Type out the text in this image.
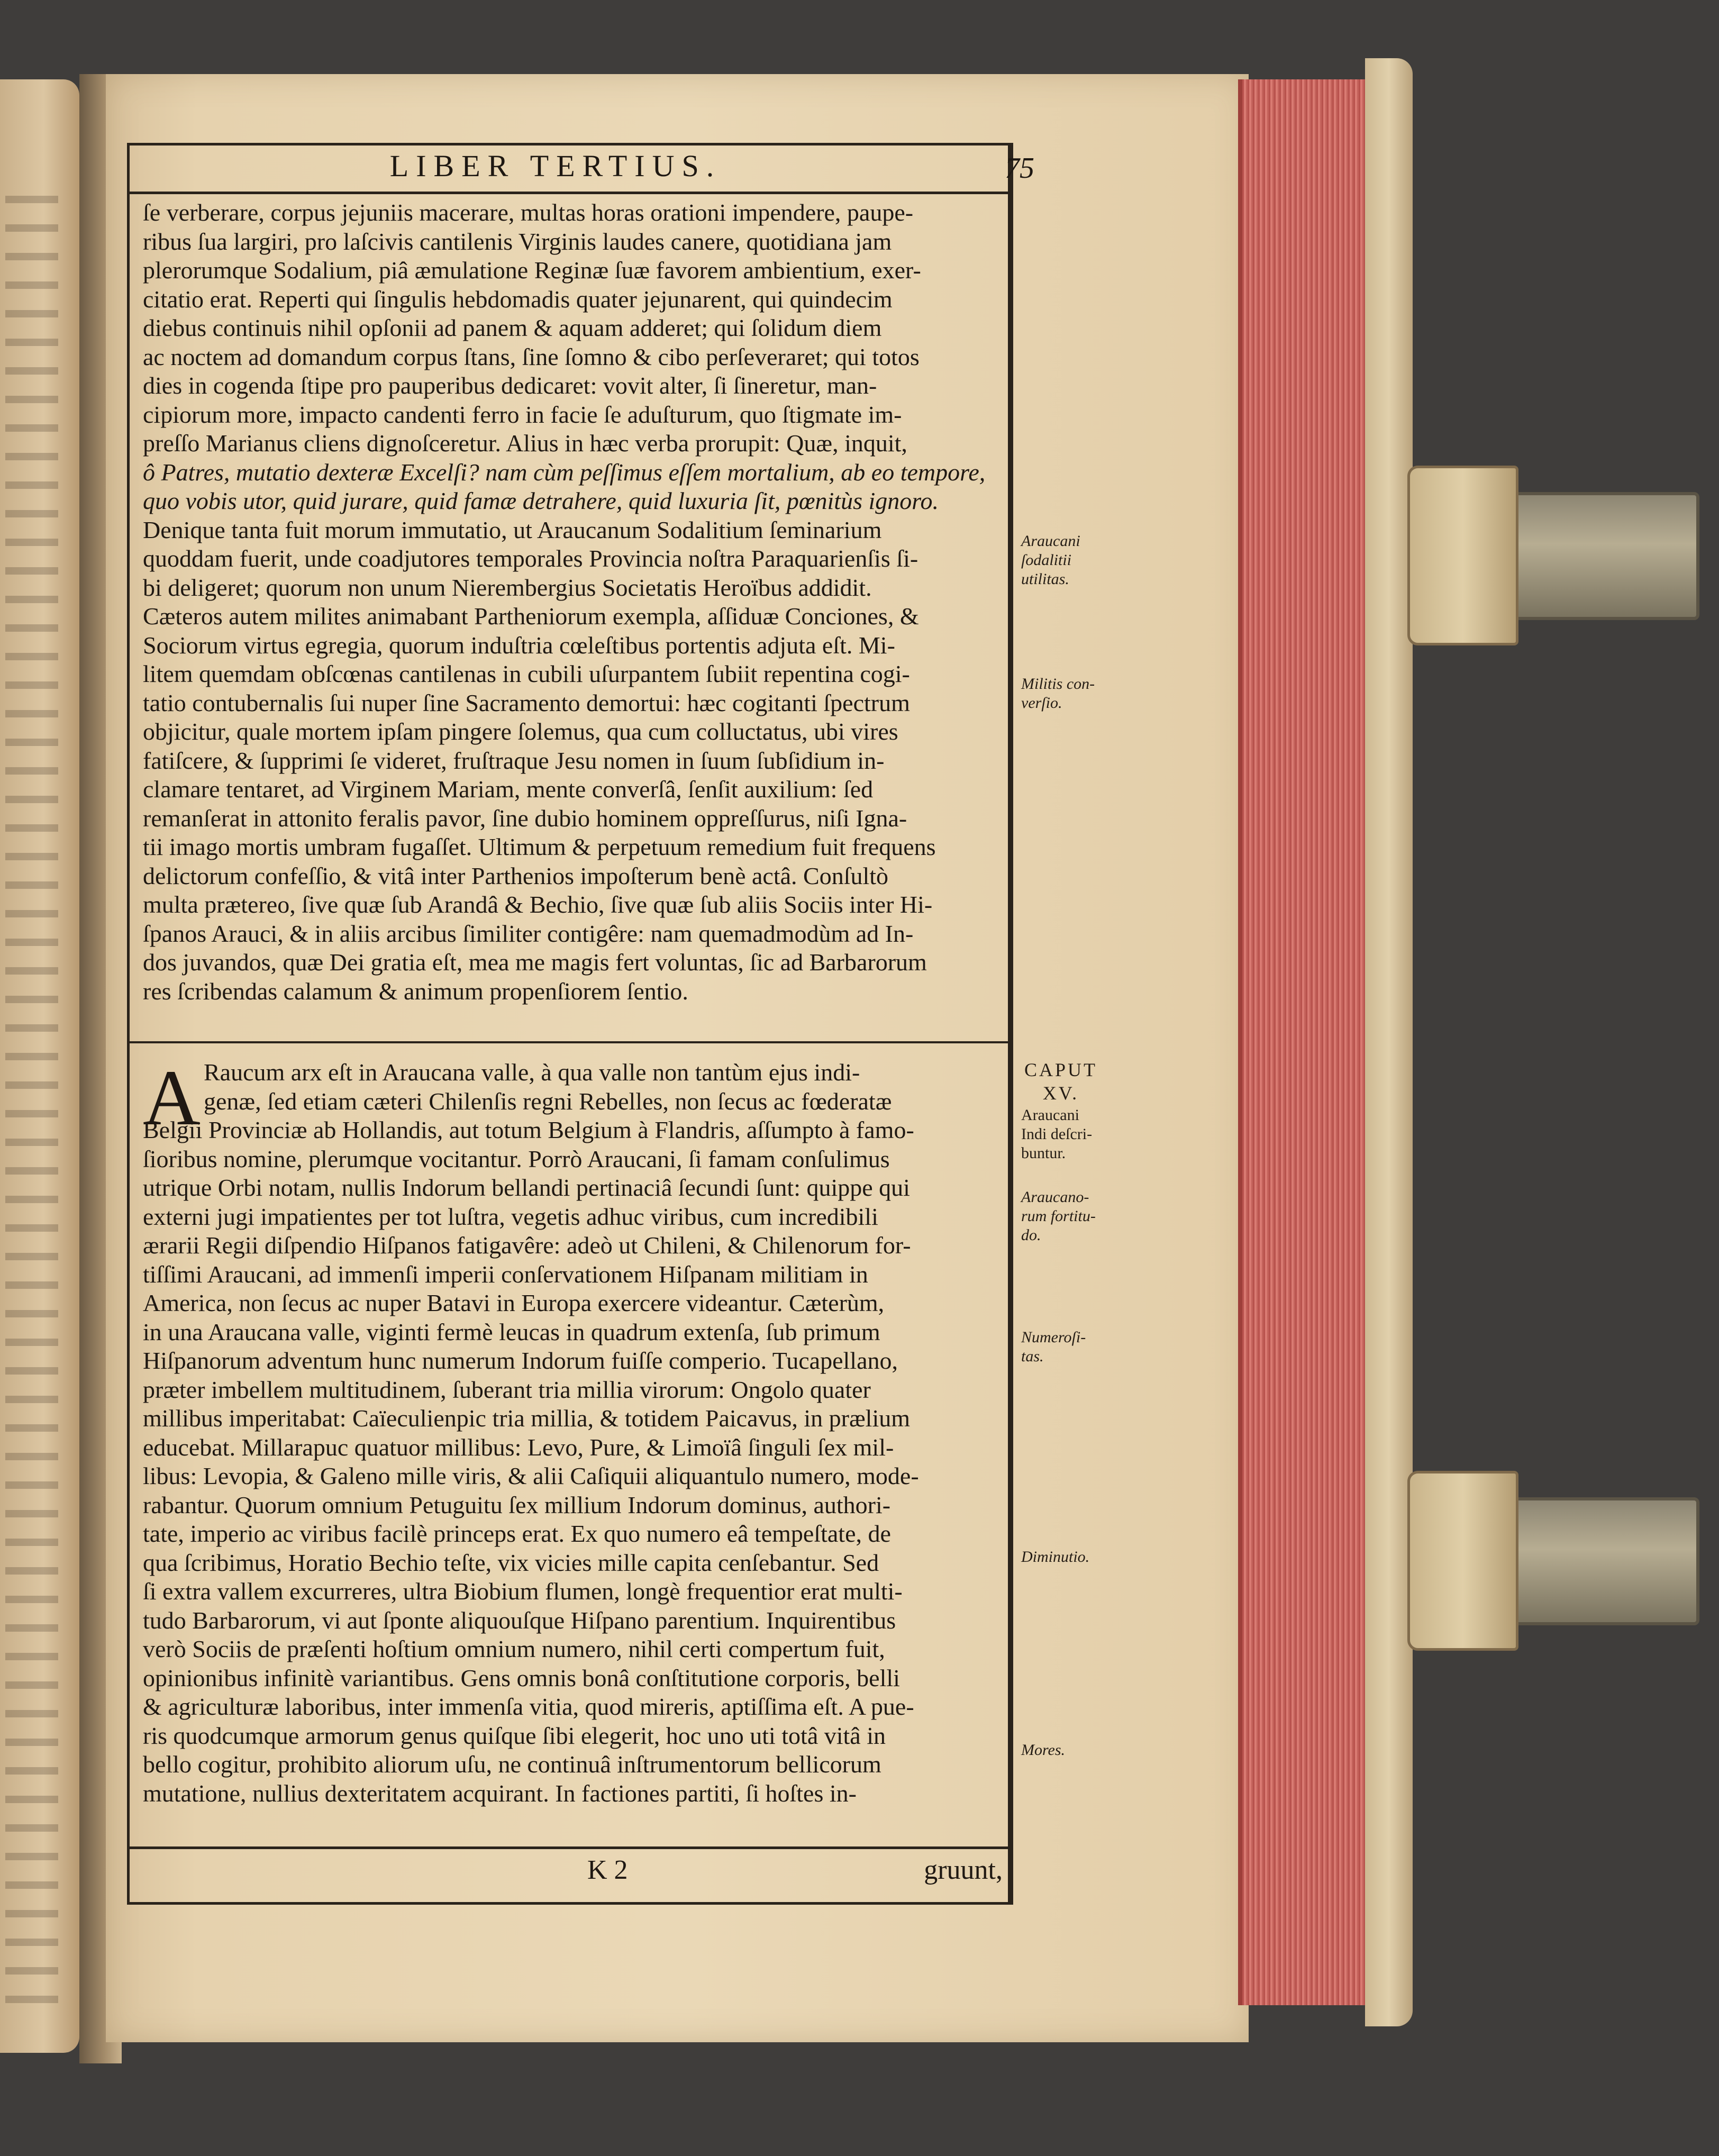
LIBER TERTIUS.	75
ſe verberare, corpus jejuniis macerare, multas horas orationi impendere, paupe-
ribus ſua largiri, pro laſcivis cantilenis Virginis laudes canere, quotidiana jam
plerorumque Sodalium, piâ æmulatione Reginæ ſuæ favorem ambientium, exer-
citatio erat. Reperti qui ſingulis hebdomadis quater jejunarent, qui quindecim
diebus continuis nihil opſonii ad panem & aquam adderet; qui ſolidum diem
ac noctem ad domandum corpus ſtans, ſine ſomno & cibo perſeveraret; qui totos
dies in cogenda ſtipe pro pauperibus dedicaret: vovit alter, ſi ſineretur, man-
cipiorum more, impacto candenti ferro in facie ſe aduſturum, quo ſtigmate im-
preſſo Marianus cliens dignoſceretur. Alius in hæc verba prorupit: Quæ, inquit,
ô Patres, mutatio dexteræ Excelſi? nam cùm peſſimus eſſem mortalium, ab eo tempore,
quo vobis utor, quid jurare, quid famæ detrahere, quid luxuria ſit, pœnitùs ignoro.
Denique tanta fuit morum immutatio, ut Araucanum Sodalitium ſeminarium
quoddam fuerit, unde coadjutores temporales Provincia noſtra Paraquarienſis ſi-
bi deligeret; quorum non unum Nierembergius Societatis Heroïbus addidit.
Cæteros autem milites animabant Partheniorum exempla, aſſiduæ Conciones, &
Sociorum virtus egregia, quorum induſtria cœleſtibus portentis adjuta eſt. Mi-
litem quemdam obſcœnas cantilenas in cubili uſurpantem ſubiit repentina cogi-
tatio contubernalis ſui nuper ſine Sacramento demortui: hæc cogitanti ſpectrum
objicitur, quale mortem ipſam pingere ſolemus, qua cum colluctatus, ubi vires
fatiſcere, & ſupprimi ſe videret, fruſtraque Jesu nomen in ſuum ſubſidium in-
clamare tentaret, ad Virginem Mariam, mente converſâ, ſenſit auxilium: ſed
remanſerat in attonito feralis pavor, ſine dubio hominem oppreſſurus, niſi Igna-
tii imago mortis umbram fugaſſet. Ultimum & perpetuum remedium fuit frequens
delictorum confeſſio, & vitâ inter Parthenios impoſterum benè actâ. Conſultò
multa prætereo, ſive quæ ſub Arandâ & Bechio, ſive quæ ſub aliis Sociis inter Hi-
ſpanos Arauci, & in aliis arcibus ſimiliter contigêre: nam quemadmodùm ad In-
dos juvandos, quæ Dei gratia eſt, mea me magis fert voluntas, ſic ad Barbarorum
res ſcribendas calamum & animum propenſiorem ſentio.
A Raucum arx eſt in Araucana valle, à qua valle non tantùm ejus indi-
genæ, ſed etiam cæteri Chilenſis regni Rebelles, non ſecus ac fœderatæ
Belgii Provinciæ ab Hollandis, aut totum Belgium à Flandris, aſſumpto à famo-
ſioribus nomine, plerumque vocitantur. Porrò Araucani, ſi famam conſulimus
utrique Orbi notam, nullis Indorum bellandi pertinaciâ ſecundi ſunt: quippe qui
externi jugi impatientes per tot luſtra, vegetis adhuc viribus, cum incredibili
ærarii Regii diſpendio Hiſpanos fatigavêre: adeò ut Chileni, & Chilenorum for-
tiſſimi Araucani, ad immenſi imperii conſervationem Hiſpanam militiam in
America, non ſecus ac nuper Batavi in Europa exercere videantur. Cæterùm,
in una Araucana valle, viginti fermè leucas in quadrum extenſa, ſub primum
Hiſpanorum adventum hunc numerum Indorum fuiſſe comperio. Tucapellano,
præter imbellem multitudinem, ſuberant tria millia virorum: Ongolo quater
millibus imperitabat: Caïeculienpic tria millia, & totidem Paicavus, in prælium
educebat. Millarapuc quatuor millibus: Levo, Pure, & Limoïâ ſinguli ſex mil-
libus: Levopia, & Galeno mille viris, & alii Caſiquii aliquantulo numero, mode-
rabantur. Quorum omnium Petuguitu ſex millium Indorum dominus, authori-
tate, imperio ac viribus facilè princeps erat. Ex quo numero eâ tempeſtate, de
qua ſcribimus, Horatio Bechio teſte, vix vicies mille capita cenſebantur. Sed
ſi extra vallem excurreres, ultra Biobium flumen, longè frequentior erat multi-
tudo Barbarorum, vi aut ſponte aliquouſque Hiſpano parentium. Inquirentibus
verò Sociis de præſenti hoſtium omnium numero, nihil certi compertum fuit,
opinionibus infinitè variantibus. Gens omnis bonâ conſtitutione corporis, belli
& agriculturæ laboribus, inter immenſa vitia, quod mireris, aptiſſima eſt. A pue-
ris quodcumque armorum genus quiſque ſibi elegerit, hoc uno uti totâ vitâ in
bello cogitur, prohibito aliorum uſu, ne continuâ inſtrumentorum bellicorum
mutatione, nullius dexteritatem acquirant. In factiones partiti, ſi hoſtes in-
K 2	gruunt,
Araucani ſodalitii utilitas.
Militis con-verſio.
CAPUT XV.
Araucani Indi deſcri-buntur.
Araucano-rum fortitu-do.
Numeroſi-tas.
Diminutio.
Mores.
